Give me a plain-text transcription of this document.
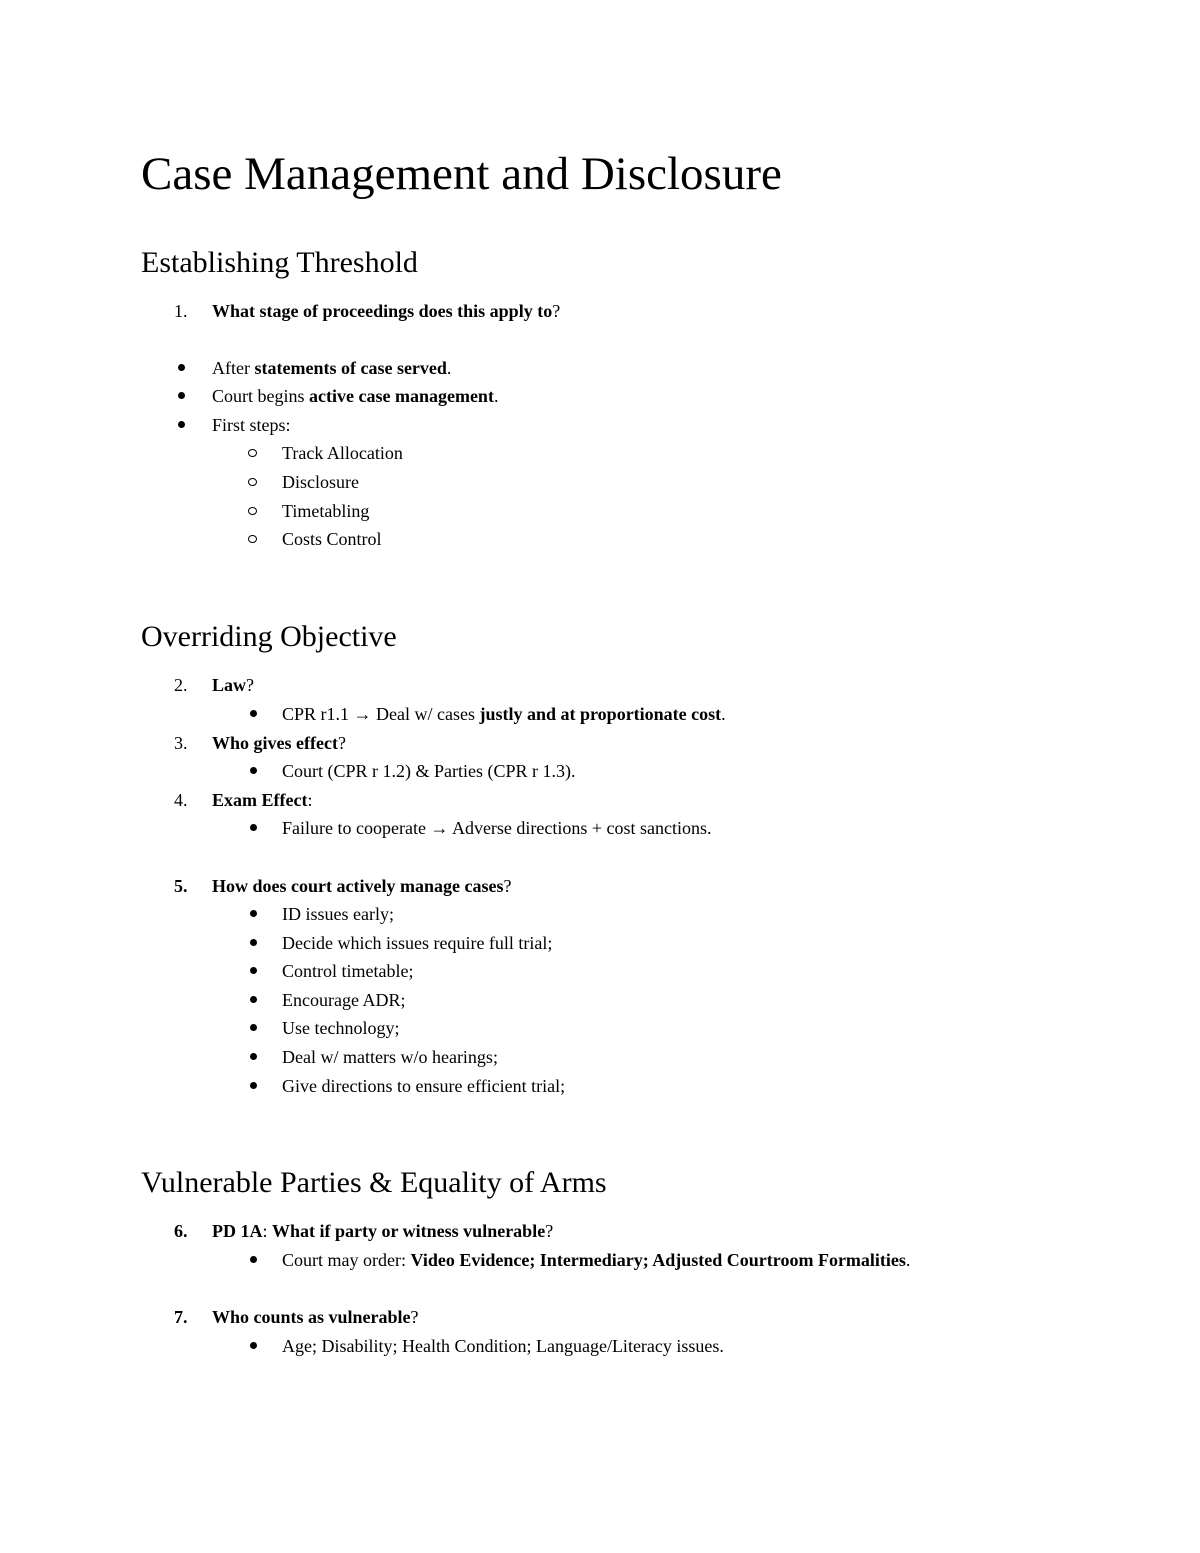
Case Management and Disclosure
Establishing Threshold
1. What stage of proceedings does this apply to?
After statements of case served.
Court begins active case management.
First steps:
Track Allocation
Disclosure
Timetabling
Costs Control
Overriding Objective
2. Law?
CPR r1.1 → Deal w/ cases justly and at proportionate cost.
3. Who gives effect?
Court (CPR r 1.2) & Parties (CPR r 1.3).
4. Exam Effect:
Failure to cooperate → Adverse directions + cost sanctions.
5. How does court actively manage cases?
ID issues early;
Decide which issues require full trial;
Control timetable;
Encourage ADR;
Use technology;
Deal w/ matters w/o hearings;
Give directions to ensure efficient trial;
Vulnerable Parties & Equality of Arms
6. PD 1A: What if party or witness vulnerable?
Court may order: Video Evidence; Intermediary; Adjusted Courtroom Formalities.
7. Who counts as vulnerable?
Age; Disability; Health Condition; Language/Literacy issues.
